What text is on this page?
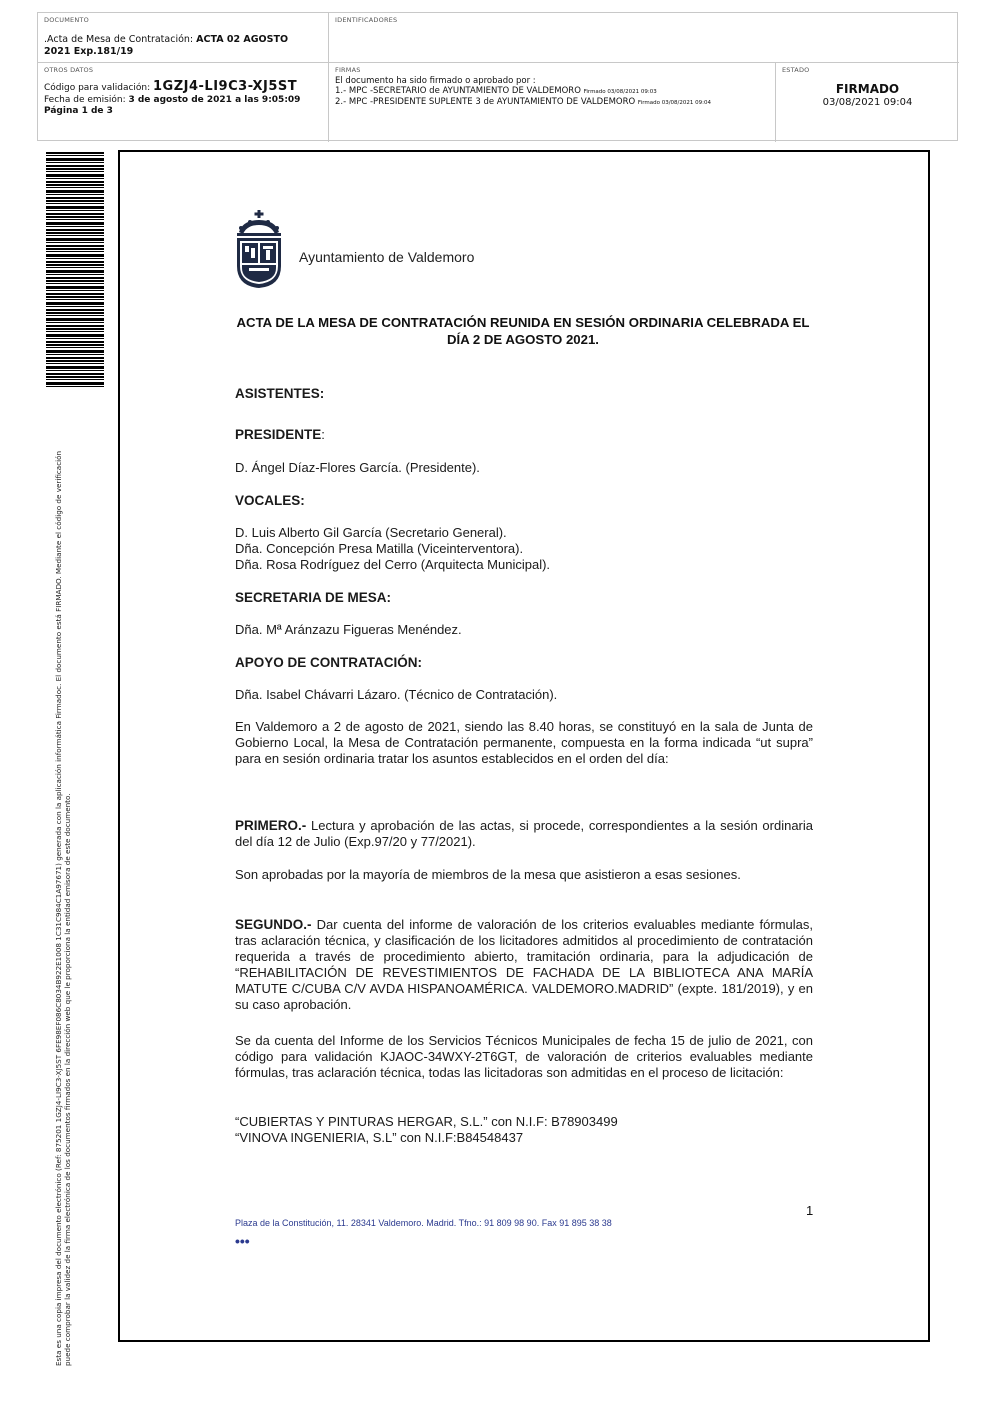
DOCUMENTO
.Acta de Mesa de Contratación: ACTA 02 AGOSTO
2021 Exp.181/19
IDENTIFICADORES
OTROS DATOS
Código para validación: 1GZJ4-LI9C3-XJ5ST
Fecha de emisión: 3 de agosto de 2021 a las 9:05:09
Página 1 de 3
FIRMAS
El documento ha sido firmado o aprobado por :
1.- MPC -SECRETARIO de AYUNTAMIENTO DE VALDEMORO Firmado 03/08/2021 09:03
2.- MPC -PRESIDENTE SUPLENTE 3 de AYUNTAMIENTO DE VALDEMORO Firmado 03/08/2021 09:04
ESTADO
FIRMADO
03/08/2021 09:04
Esta es una copia impresa del documento electrónico (Ref: 875201 1GZJ4-LI9C3-XJ5ST 6FE98EF086C8034B922E1008 1C31C984C1A97671) generada con la aplicación informática Firmadoc. El documento está FIRMADO. Mediante el código de verificación puede comprobar la validez de la firma electrónica de los documentos firmados en la dirección web que le proporciona la entidad emisora de este documento.
Ayuntamiento de Valdemoro
ACTA DE LA MESA DE CONTRATACIÓN REUNIDA EN SESIÓN ORDINARIA CELEBRADA EL DÍA 2 DE AGOSTO 2021.
ASISTENTES:
PRESIDENTE:
D. Ángel Díaz-Flores García. (Presidente).
VOCALES:
D. Luis Alberto Gil García (Secretario General).
Dña. Concepción Presa Matilla (Viceinterventora).
Dña. Rosa Rodríguez del Cerro (Arquitecta Municipal).
SECRETARIA DE MESA:
Dña. Mª Aránzazu Figueras Menéndez.
APOYO DE CONTRATACIÓN:
Dña. Isabel Chávarri Lázaro. (Técnico de Contratación).
En Valdemoro a 2 de agosto de 2021, siendo las 8.40 horas, se constituyó en la sala de Junta de Gobierno Local, la Mesa de Contratación permanente, compuesta en la forma indicada “ut supra” para en sesión ordinaria tratar los asuntos establecidos en el orden del día:
PRIMERO.- Lectura y aprobación de las actas, si procede, correspondientes a la sesión ordinaria del día 12 de Julio (Exp.97/20 y 77/2021).
Son aprobadas por la mayoría de miembros de la mesa que asistieron a esas sesiones.
SEGUNDO.- Dar cuenta del informe de valoración de los criterios evaluables mediante fórmulas, tras aclaración técnica, y clasificación de los licitadores admitidos al procedimiento de contratación requerida a través de procedimiento abierto, tramitación ordinaria, para la adjudicación de “REHABILITACIÓN DE REVESTIMIENTOS DE FACHADA DE LA BIBLIOTECA ANA MARÍA MATUTE C/CUBA C/V AVDA HISPANOAMÉRICA. VALDEMORO.MADRID” (expte. 181/2019), y en su caso aprobación.
Se da cuenta del Informe de los Servicios Técnicos Municipales de fecha 15 de julio de 2021, con código para validación KJAOC-34WXY-2T6GT, de valoración de criterios evaluables mediante fórmulas, tras aclaración técnica, todas las licitadoras son admitidas en el proceso de licitación:
“CUBIERTAS Y PINTURAS HERGAR, S.L.” con N.I.F: B78903499
“VINOVA INGENIERIA, S.L” con N.I.F:B84548437
1
Plaza de la Constitución, 11. 28341 Valdemoro. Madrid. Tfno.: 91 809 98 90. Fax 91 895 38 38
•••
